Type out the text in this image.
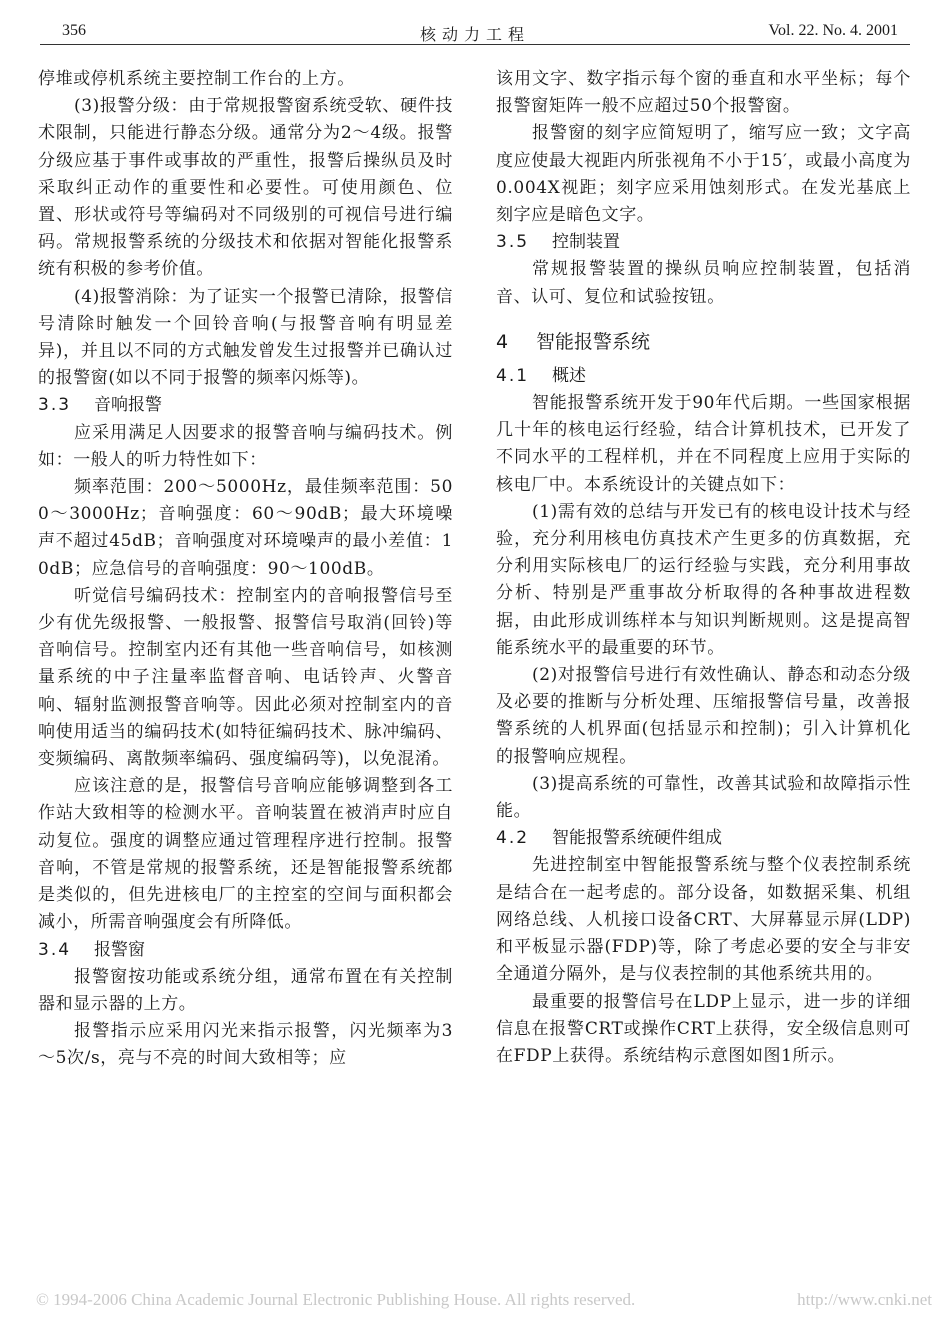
356	核动力工程	Vol. 22. No. 4. 2001

停堆或停机系统主要控制工作台的上方。

(3)报警分级：由于常规报警窗系统受软、硬件技术限制，只能进行静态分级。通常分为2～4级。报警分级应基于事件或事故的严重性，报警后操纵员及时采取纠正动作的重要性和必要性。可使用颜色、位置、形状或符号等编码对不同级别的可视信号进行编码。常规报警系统的分级技术和依据对智能化报警系统有积极的参考价值。

(4)报警消除：为了证实一个报警已清除，报警信号清除时触发一个回铃音响(与报警音响有明显差异)，并且以不同的方式触发曾发生过报警并已确认过的报警窗(如以不同于报警的频率闪烁等)。

3.3 音响报警

应采用满足人因要求的报警音响与编码技术。例如：一般人的听力特性如下：

频率范围：200～5000Hz，最佳频率范围：500～3000Hz；音响强度：60～90dB；最大环境噪声不超过45dB；音响强度对环境噪声的最小差值：10dB；应急信号的音响强度：90～100dB。

听觉信号编码技术：控制室内的音响报警信号至少有优先级报警、一般报警、报警信号取消(回铃)等音响信号。控制室内还有其他一些音响信号，如核测量系统的中子注量率监督音响、电话铃声、火警音响、辐射监测报警音响等。因此必须对控制室内的音响使用适当的编码技术(如特征编码技术、脉冲编码、变频编码、离散频率编码、强度编码等)，以免混淆。

应该注意的是，报警信号音响应能够调整到各工作站大致相等的检测水平。音响装置在被消声时应自动复位。强度的调整应通过管理程序进行控制。报警音响，不管是常规的报警系统，还是智能报警系统都是类似的，但先进核电厂的主控室的空间与面积都会减小，所需音响强度会有所降低。

3.4 报警窗

报警窗按功能或系统分组，通常布置在有关控制器和显示器的上方。

报警指示应采用闪光来指示报警，闪光频率为3～5次/s，亮与不亮的时间大致相等；应

该用文字、数字指示每个窗的垂直和水平坐标；每个报警窗矩阵一般不应超过50个报警窗。

报警窗的刻字应简短明了，缩写应一致；文字高度应使最大视距内所张视角不小于15′，或最小高度为0.004X视距；刻字应采用蚀刻形式。在发光基底上刻字应是暗色文字。

3.5 控制装置

常规报警装置的操纵员响应控制装置，包括消音、认可、复位和试验按钮。

4 智能报警系统
4.1 概述

智能报警系统开发于90年代后期。一些国家根据几十年的核电运行经验，结合计算机技术，已开发了不同水平的工程样机，并在不同程度上应用于实际的核电厂中。本系统设计的关键点如下：

(1)需有效的总结与开发已有的核电设计技术与经验，充分利用核电仿真技术产生更多的仿真数据，充分利用实际核电厂的运行经验与实践，充分利用事故分析、特别是严重事故分析取得的各种事故进程数据，由此形成训练样本与知识判断规则。这是提高智能系统水平的最重要的环节。

(2)对报警信号进行有效性确认、静态和动态分级及必要的推断与分析处理、压缩报警信号量，改善报警系统的人机界面(包括显示和控制)；引入计算机化的报警响应规程。

(3)提高系统的可靠性，改善其试验和故障指示性能。

4.2 智能报警系统硬件组成

先进控制室中智能报警系统与整个仪表控制系统是结合在一起考虑的。部分设备，如数据采集、机组网络总线、人机接口设备CRT、大屏幕显示屏(LDP)和平板显示器(FDP)等，除了考虑必要的安全与非安全通道分隔外，是与仪表控制的其他系统共用的。

最重要的报警信号在LDP上显示，进一步的详细信息在报警CRT或操作CRT上获得，安全级信息则可在FDP上获得。系统结构示意图如图1所示。

© 1994-2006 China Academic Journal Electronic Publishing House. All rights reserved.	http://www.cnki.net
